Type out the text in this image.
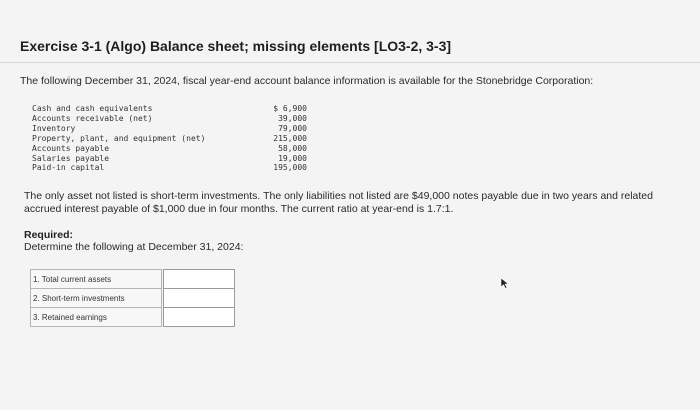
Exercise 3-1 (Algo) Balance sheet; missing elements [LO3-2, 3-3]
The following December 31, 2024, fiscal year-end account balance information is available for the Stonebridge Corporation:
Cash and cash equivalents	$ 6,900
Accounts receivable (net)	39,000
Inventory	79,000
Property, plant, and equipment (net)	215,000
Accounts payable	58,000
Salaries payable	19,000
Paid-in capital	195,000
The only asset not listed is short-term investments. The only liabilities not listed are $49,000 notes payable due in two years and related accrued interest payable of $1,000 due in four months. The current ratio at year-end is 1.7:1.
Required:
Determine the following at December 31, 2024:
1. Total current assets		
2. Short-term investments		
3. Retained earnings		
